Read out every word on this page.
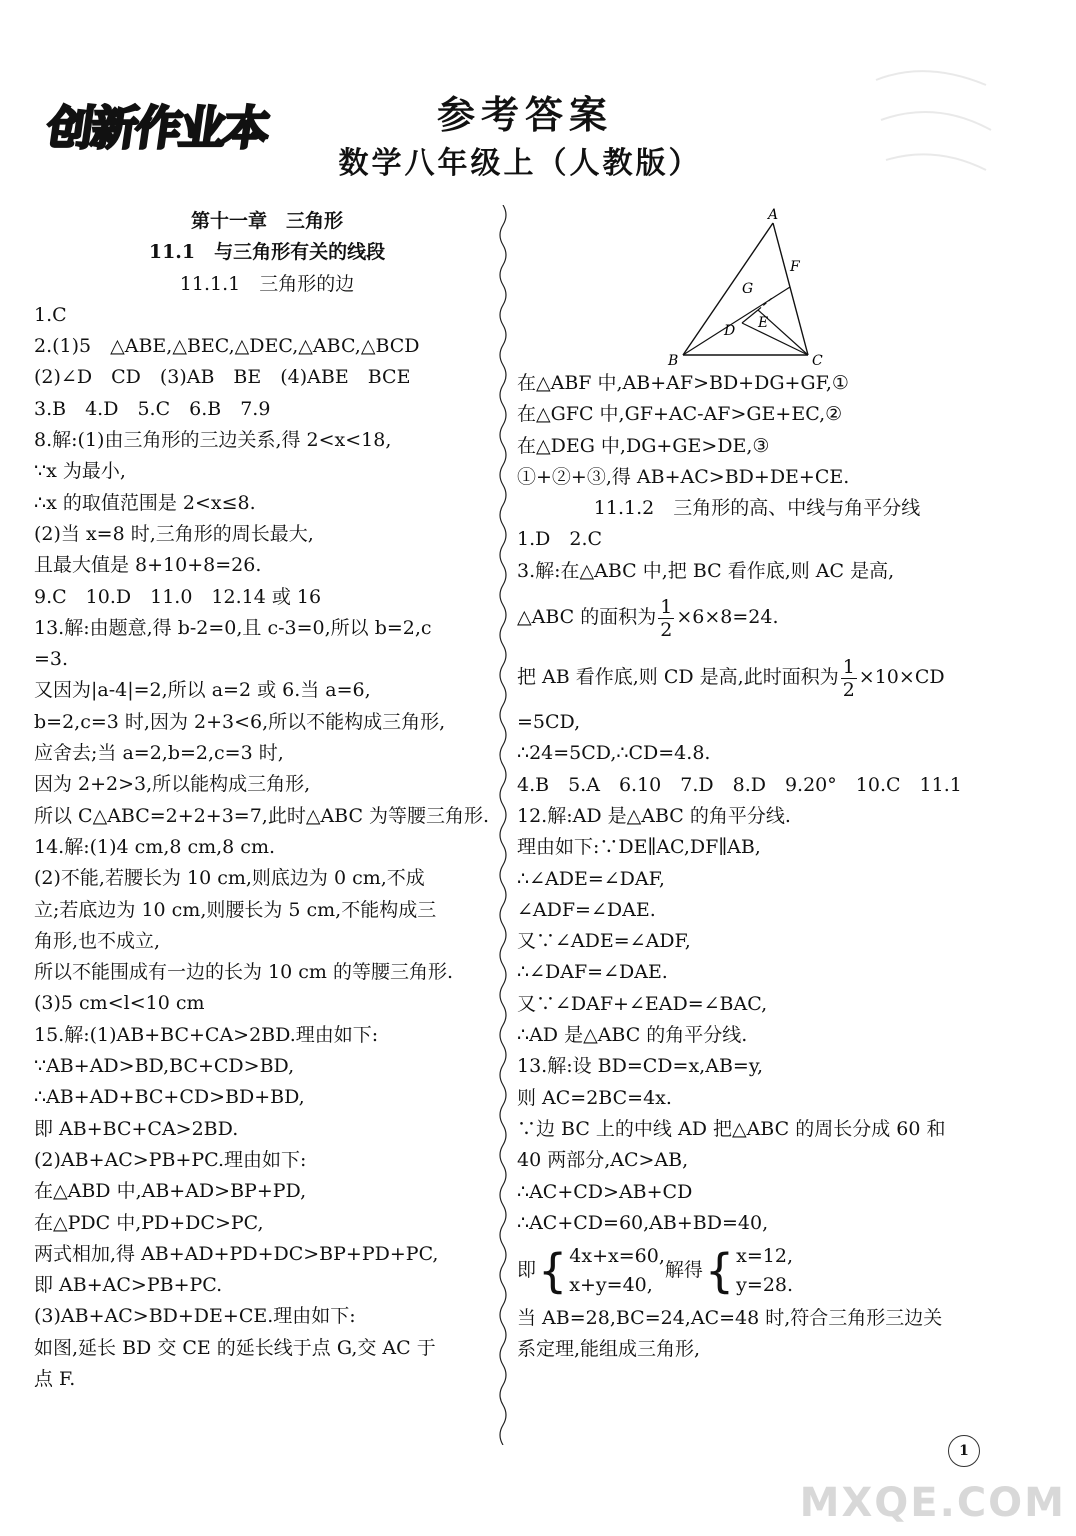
创新作业本	参考答案
数学八年级上（人教版）
第十一章　三角形
11.1　与三角形有关的线段
11.1.1　三角形的边
1.C
2.(1)5　△ABE,△BEC,△DEC,△ABC,△BCD
(2)∠D　CD　(3)AB　BE　(4)ABE　BCE
3.B　4.D　5.C　6.B　7.9
8.解:(1)由三角形的三边关系,得 2<x<18,
∵x 为最小,
∴x 的取值范围是 2<x≤8.
(2)当 x=8 时,三角形的周长最大,
且最大值是 8+10+8=26.
9.C　10.D　11.0　12.14 或 16
13.解:由题意,得 b-2=0,且 c-3=0,所以 b=2,c
=3.
又因为|a-4|=2,所以 a=2 或 6.当 a=6,
b=2,c=3 时,因为 2+3<6,所以不能构成三角形,
应舍去;当 a=2,b=2,c=3 时,
因为 2+2>3,所以能构成三角形,
所以 C△ABC=2+2+3=7,此时△ABC 为等腰三角形.
14.解:(1)4 cm,8 cm,8 cm.
(2)不能,若腰长为 10 cm,则底边为 0 cm,不成
立;若底边为 10 cm,则腰长为 5 cm,不能构成三
角形,也不成立,
所以不能围成有一边的长为 10 cm 的等腰三角形.
(3)5 cm<l<10 cm
15.解:(1)AB+BC+CA>2BD.理由如下:
∵AB+AD>BD,BC+CD>BD,
∴AB+AD+BC+CD>BD+BD,
即 AB+BC+CA>2BD.
(2)AB+AC>PB+PC.理由如下:
在△ABD 中,AB+AD>BP+PD,
在△PDC 中,PD+DC>PC,
两式相加,得 AB+AD+PD+DC>BP+PD+PC,
即 AB+AC>PB+PC.
(3)AB+AC>BD+DE+CE.理由如下:
如图,延长 BD 交 CE 的延长线于点 G,交 AC 于
点 F.
A
B	C
D E
F
G
在△ABF 中,AB+AF>BD+DG+GF,①
在△GFC 中,GF+AC-AF>GE+EC,②
在△DEG 中,DG+GE>DE,③
①+②+③,得 AB+AC>BD+DE+CE.
11.1.2　三角形的高、中线与角平分线
1.D　2.C
3.解:在△ABC 中,把 BC 看作底,则 AC 是高,
△ABC 的面积为 $\frac{1}{2} \times 6\times 8=24$.
把 AB 看作底,则 CD 是高,此时面积为 $\frac{1}{2} \times 10\times CD$
=5CD,
∴24=5CD,∴CD=4.8.
4.B　5.A　6.10　7.D　8.D　9.20°　10.C　11.1
12.解:AD 是△ABC 的角平分线.
理由如下:∵DE∥AC,DF∥AB,
∴∠ADE=∠DAF,
∠ADF=∠DAE.
又∵∠ADE=∠ADF,
∴∠DAF=∠DAE.
又∵∠DAF+∠EAD=∠BAC,
∴AD 是△ABC 的角平分线.
13.解:设 BD=CD=x,AB=y,
则 AC=2BC=4x.
∵边 BC 上的中线 AD 把△ABC 的周长分成 60 和
40 两部分,AC>AB,
∴AC+CD>AB+CD
∴AC+CD=60,AB+BD=40,
即 { 4x+x=60,
x+y=40,
解得 { x=12,
y=28.
当 AB=28,BC=24,AC=48 时,符合三角形三边关
系定理,能组成三角形,
1
MXQE.COM
